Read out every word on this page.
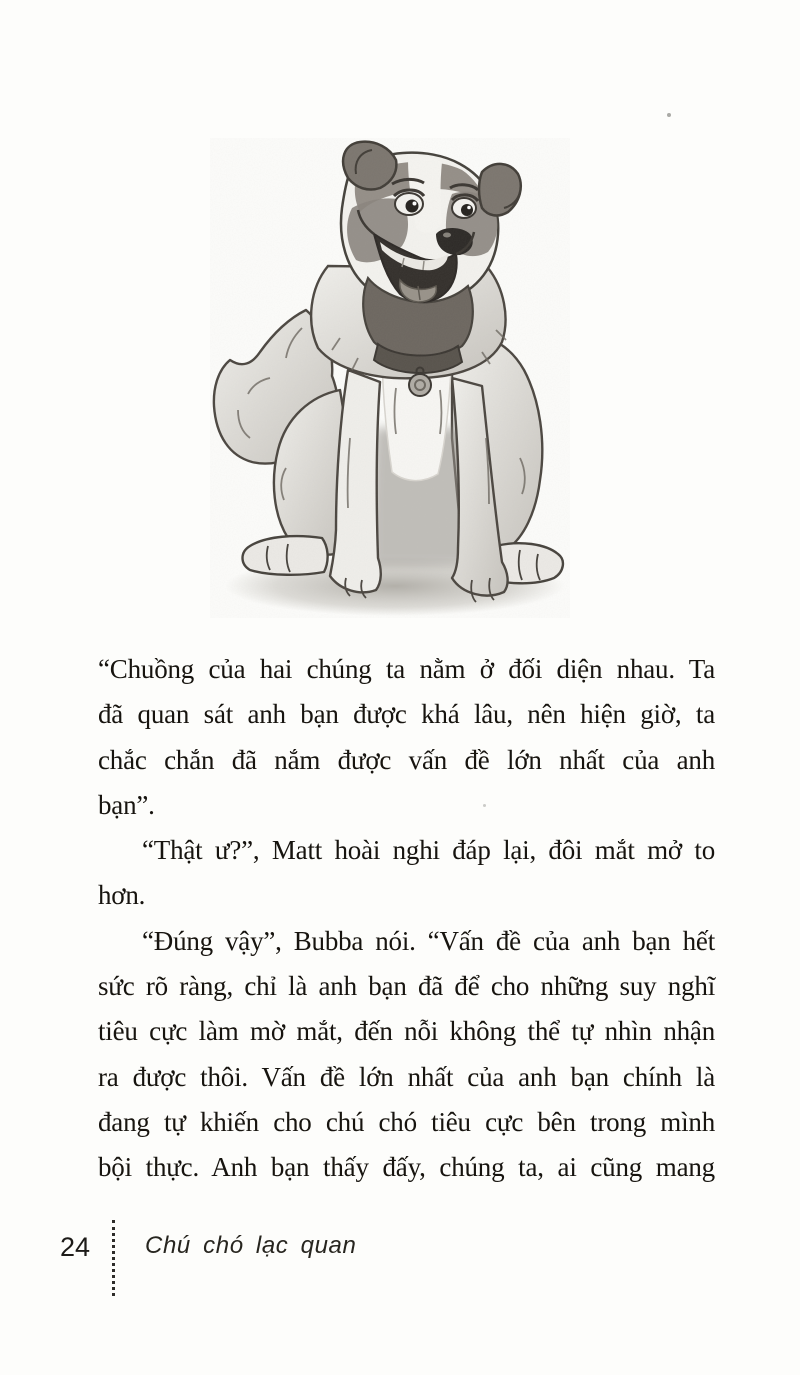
“Chuồng của hai chúng ta nằm ở đối diện nhau. Ta
đã quan sát anh bạn được khá lâu, nên hiện giờ, ta
chắc chắn đã nắm được vấn đề lớn nhất của anh
bạn”.
“Thật ư?”, Matt hoài nghi đáp lại, đôi mắt mở to
hơn.
“Đúng vậy”, Bubba nói. “Vấn đề của anh bạn hết
sức rõ ràng, chỉ là anh bạn đã để cho những suy nghĩ
tiêu cực làm mờ mắt, đến nỗi không thể tự nhìn nhận
ra được thôi. Vấn đề lớn nhất của anh bạn chính là
đang tự khiến cho chú chó tiêu cực bên trong mình
bội thực. Anh bạn thấy đấy, chúng ta, ai cũng mang
24 Chú chó lạc quan
